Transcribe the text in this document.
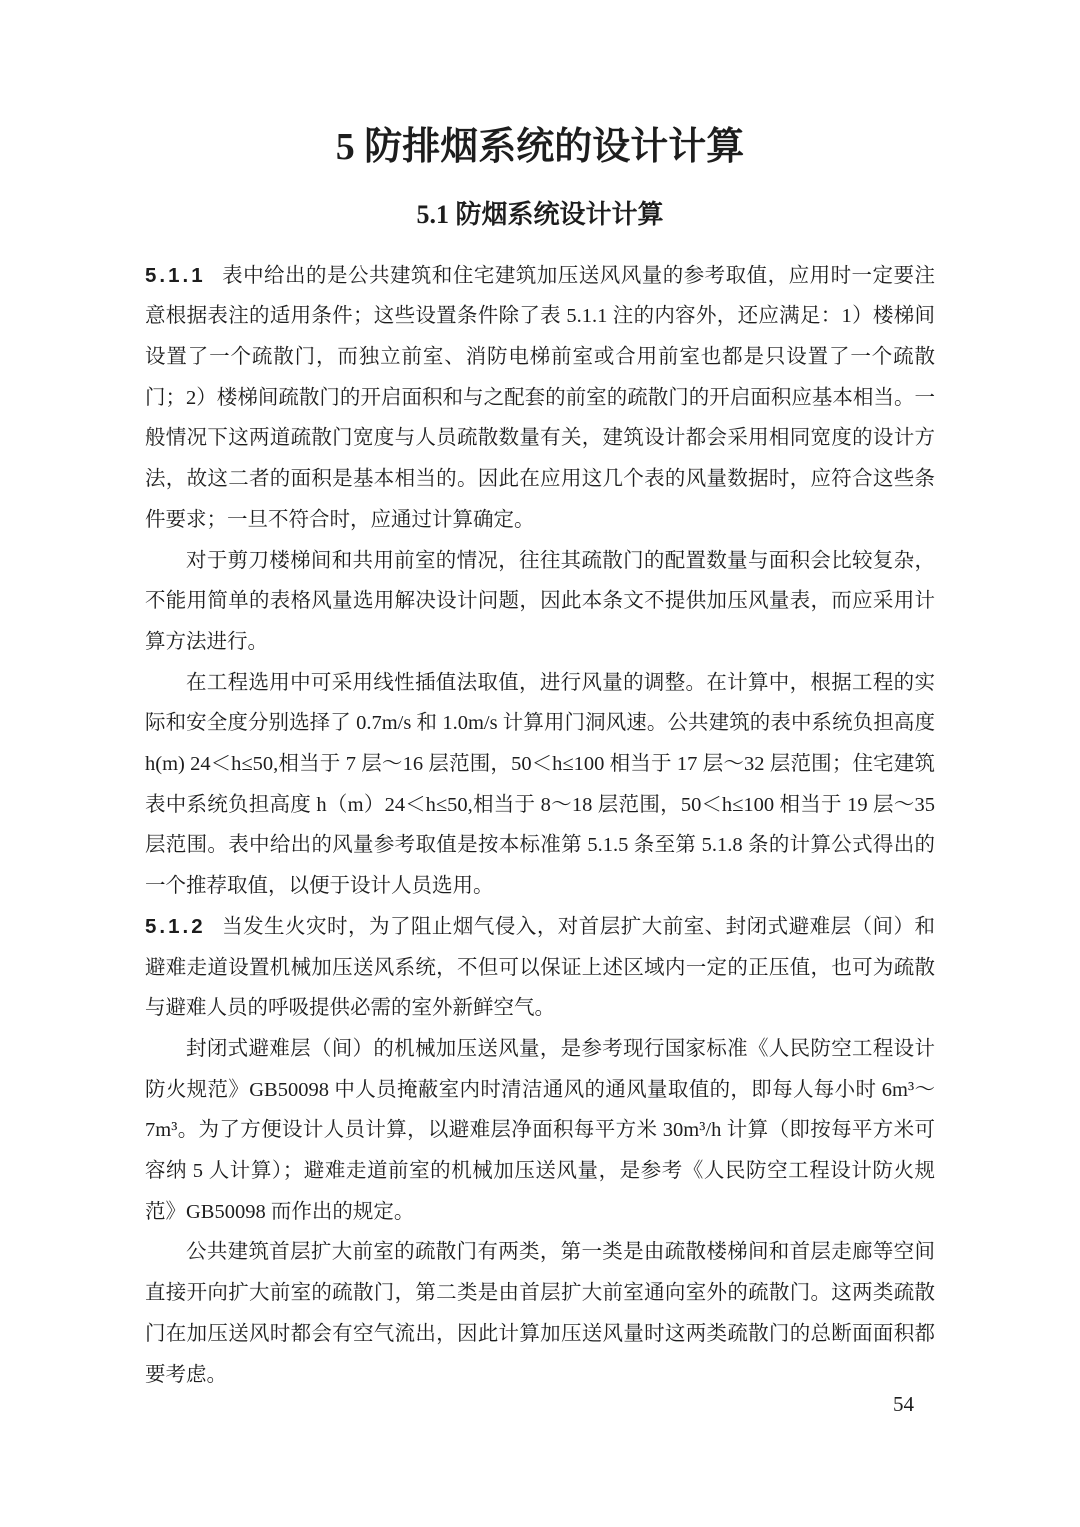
5 防排烟系统的设计计算
5.1 防烟系统设计计算

5.1.1 表中给出的是公共建筑和住宅建筑加压送风风量的参考取值，应用时一定要注意根据表注的适用条件；这些设置条件除了表 5.1.1 注的内容外，还应满足：1）楼梯间设置了一个疏散门，而独立前室、消防电梯前室或合用前室也都是只设置了一个疏散门；2）楼梯间疏散门的开启面积和与之配套的前室的疏散门的开启面积应基本相当。一般情况下这两道疏散门宽度与人员疏散数量有关，建筑设计都会采用相同宽度的设计方法，故这二者的面积是基本相当的。因此在应用这几个表的风量数据时，应符合这些条件要求；一旦不符合时，应通过计算确定。

对于剪刀楼梯间和共用前室的情况，往往其疏散门的配置数量与面积会比较复杂，不能用简单的表格风量选用解决设计问题，因此本条文不提供加压风量表，而应采用计算方法进行。

在工程选用中可采用线性插值法取值，进行风量的调整。在计算中，根据工程的实际和安全度分别选择了 0.7m/s 和 1.0m/s 计算用门洞风速。公共建筑的表中系统负担高度 h(m) 24＜h≤50,相当于 7 层～16 层范围，50＜h≤100 相当于 17 层～32 层范围；住宅建筑表中系统负担高度 h（m）24＜h≤50,相当于 8～18 层范围，50＜h≤100 相当于 19 层～35 层范围。表中给出的风量参考取值是按本标准第 5.1.5 条至第 5.1.8 条的计算公式得出的一个推荐取值，以便于设计人员选用。

5.1.2 当发生火灾时，为了阻止烟气侵入，对首层扩大前室、封闭式避难层（间）和避难走道设置机械加压送风系统，不但可以保证上述区域内一定的正压值，也可为疏散与避难人员的呼吸提供必需的室外新鲜空气。

封闭式避难层（间）的机械加压送风量，是参考现行国家标准《人民防空工程设计防火规范》GB50098 中人员掩蔽室内时清洁通风的通风量取值的，即每人每小时 6m³～7m³。为了方便设计人员计算，以避难层净面积每平方米 30m³/h 计算（即按每平方米可容纳 5 人计算）；避难走道前室的机械加压送风量，是参考《人民防空工程设计防火规范》GB50098 而作出的规定。

公共建筑首层扩大前室的疏散门有两类，第一类是由疏散楼梯间和首层走廊等空间直接开向扩大前室的疏散门，第二类是由首层扩大前室通向室外的疏散门。这两类疏散门在加压送风时都会有空气流出，因此计算加压送风量时这两类疏散门的总断面面积都要考虑。

54
